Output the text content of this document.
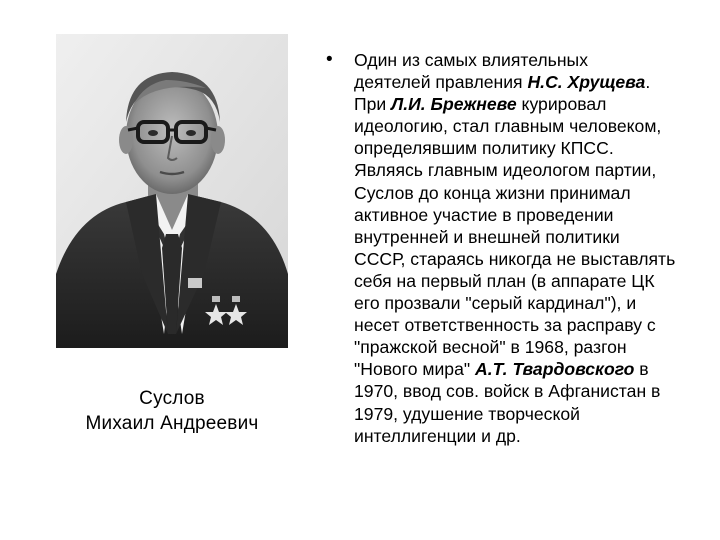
Суслов
Михаил Андреевич
• Один из самых влиятельных
деятелей правления Н.С. Хрущева.
При Л.И. Брежневе курировал
идеологию, стал главным человеком,
определявшим политику КПСС.
Являясь главным идеологом партии,
Суслов до конца жизни принимал
активное участие в проведении
внутренней и внешней политики
СССР, стараясь никогда не выставлять
себя на первый план (в аппарате ЦК
его прозвали "серый кардинал"), и
несет ответственность за расправу с
"пражской весной" в 1968, разгон
"Нового мира" А.Т. Твардовского в
1970, ввод сов. войск в Афганистан в
1979, удушение творческой
интеллигенции и др.
